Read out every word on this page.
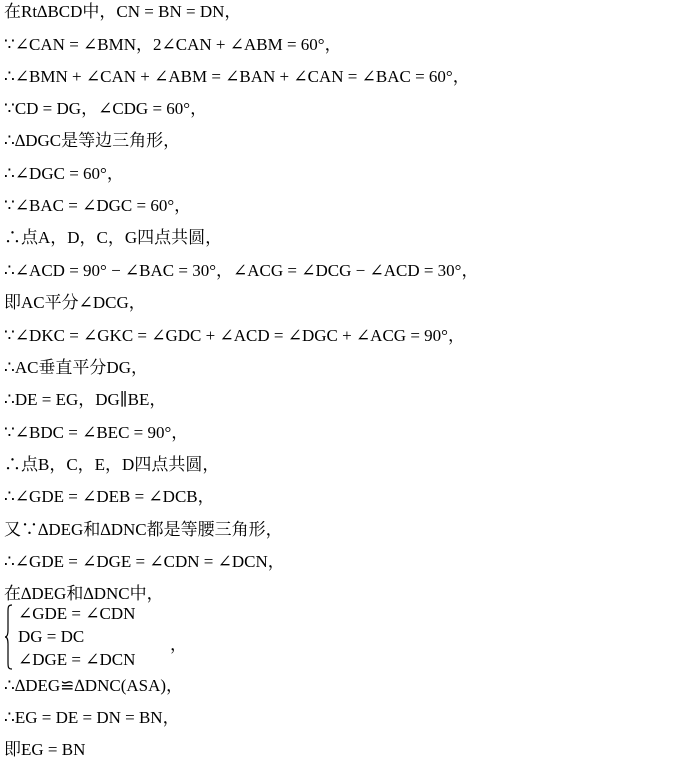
在Rt∆BCD中，CN = BN = DN，
∵∠CAN = ∠BMN，2∠CAN + ∠ABM = 60°，
∴∠BMN + ∠CAN + ∠ABM = ∠BAN + ∠CAN = ∠BAC = 60°，
∵CD = DG，∠CDG = 60°，
∴∆DGC是等边三角形，
∴∠DGC = 60°，
∵∠BAC = ∠DGC = 60°，
∴点A，D，C，G四点共圆，
∴∠ACD = 90° − ∠BAC = 30°，∠ACG = ∠DCG − ∠ACD = 30°，
即AC平分∠DCG，
∵∠DKC = ∠GKC = ∠GDC + ∠ACD = ∠DGC + ∠ACG = 90°，
∴AC垂直平分DG，
∴DE = EG，DG∥BE，
∵∠BDC = ∠BEC = 90°，
∴点B，C，E，D四点共圆，
∴∠GDE = ∠DEB = ∠DCB，
又∵∆DEG和∆DNC都是等腰三角形，
∴∠GDE = ∠DGE = ∠CDN = ∠DCN，
在∆DEG和∆DNC中，
∠GDE = ∠CDN
DG = DC
∠DGE = ∠DCN
，
∴∆DEG≌∆DNC(ASA)，
∴EG = DE = DN = BN，
即EG = BN
